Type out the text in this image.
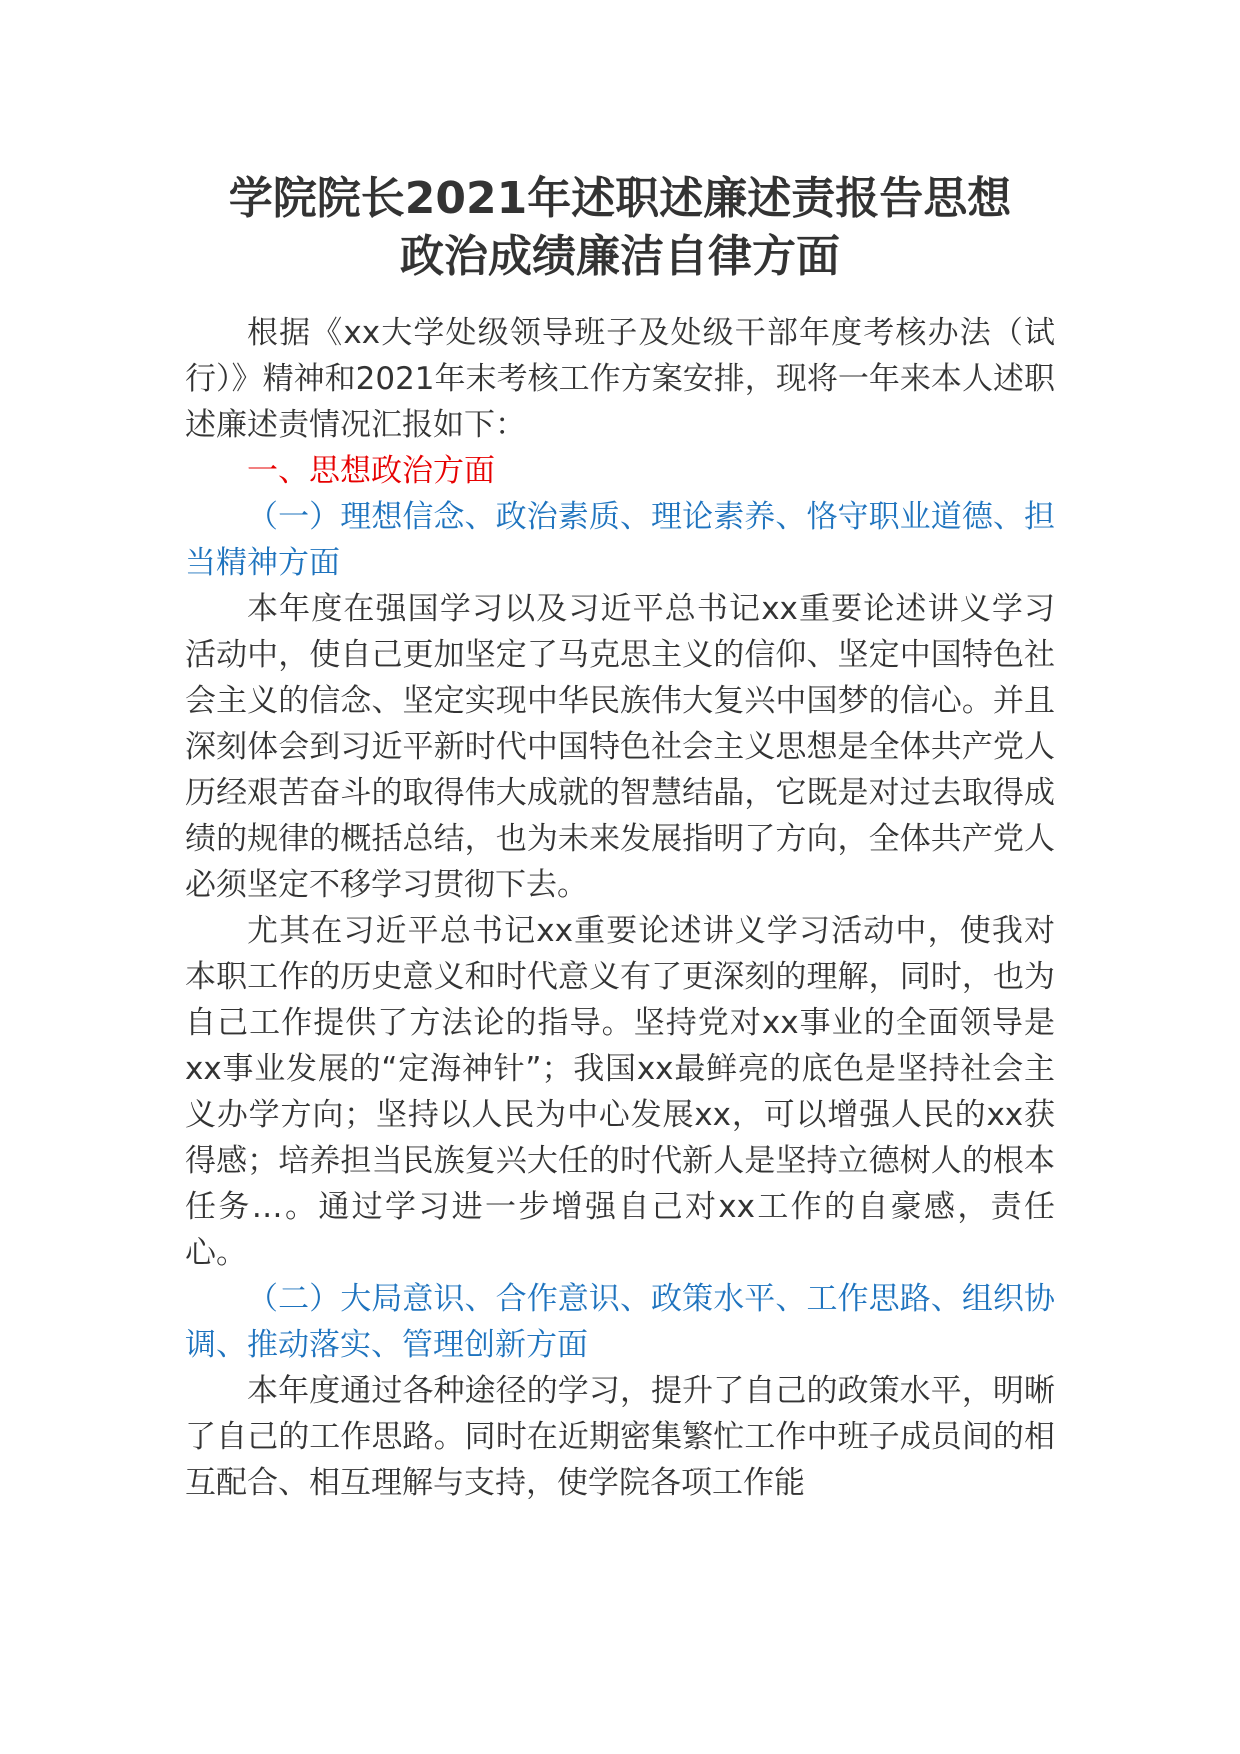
学院院长2021年述职述廉述责报告思想
政治成绩廉洁自律方面

根据《xx大学处级领导班子及处级干部年度考核办法（试行）》精神和2021年末考核工作方案安排，现将一年来本人述职述廉述责情况汇报如下：

一、思想政治方面

（一）理想信念、政治素质、理论素养、恪守职业道德、担当精神方面

本年度在强国学习以及习近平总书记xx重要论述讲义学习活动中，使自己更加坚定了马克思主义的信仰、坚定中国特色社会主义的信念、坚定实现中华民族伟大复兴中国梦的信心。并且深刻体会到习近平新时代中国特色社会主义思想是全体共产党人历经艰苦奋斗的取得伟大成就的智慧结晶，它既是对过去取得成绩的规律的概括总结，也为未来发展指明了方向，全体共产党人必须坚定不移学习贯彻下去。

尤其在习近平总书记xx重要论述讲义学习活动中，使我对本职工作的历史意义和时代意义有了更深刻的理解，同时，也为自己工作提供了方法论的指导。坚持党对xx事业的全面领导是xx事业发展的“定海神针”；我国xx最鲜亮的底色是坚持社会主义办学方向；坚持以人民为中心发展xx，可以增强人民的xx获得感；培养担当民族复兴大任的时代新人是坚持立德树人的根本任务…。通过学习进一步增强自己对xx工作的自豪感，责任心。

（二）大局意识、合作意识、政策水平、工作思路、组织协调、推动落实、管理创新方面

本年度通过各种途径的学习，提升了自己的政策水平，明晰了自己的工作思路。同时在近期密集繁忙工作中班子成员间的相互配合、相互理解与支持，使学院各项工作能
